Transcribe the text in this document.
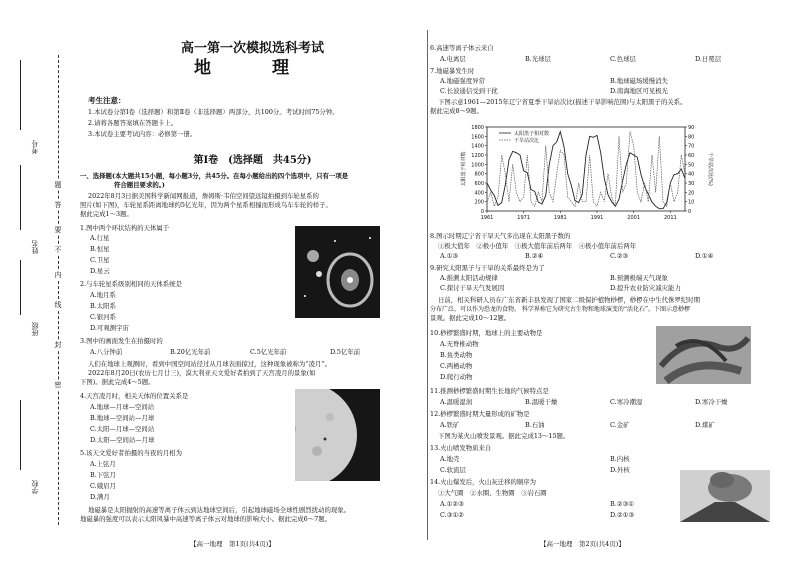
学校
班级
姓名
考号
密
封
线
内
不
要
答
题
高一第一次模拟选科考试
地　理
考生注意：
1.本试卷分第Ⅰ卷（选择题）和第Ⅱ卷（非选择题）两部分，共100分。考试时间75分钟。
2.请将各题答案填在答题卡上。
3.本试卷主要考试内容：必修第一册。
第Ⅰ卷　(选择题　共45分)
一、选择题(本大题共15小题，每小题3分，共45分。在每小题给出的四个选项中，只有一项是
符合题目要求的。)
2022年8月3日据美国科学新闻网报道，詹姆斯·韦伯空间望远镜拍摄到车轮星系的
照片(如下图)，车轮星系距离地球约5亿光年，因为两个星系相撞而形成乌车车轮的样子。
据此完成1～3题。
1.图中两个环状结构的天体属于
A.行星
B.恒星
C.卫星
D.星云
2.与车轮星系级别相同的天体系统是
A.地月系
B.太阳系
C.银河系
D.可观测宇宙
3.图中的画面发生在拍摄时的
A.八分钟前	B.20亿光年前	C.5亿光年前	D.5亿年前
人们在地球上观测时，看到中国空间站径过从月球表面掠过，这种现象被称为“凌月”。
2022年8月20日(农历七月廿三)，漠大利亚天文爱好者拍到了天宫凌月的景象(如
下图)。据此完成4～5题。
4.天宫凌月时，相关天体的位置关系是
A.地球—月球—空间站
B.地球—空间站—月球
C.太阳—月球—空间站
D.太阳—空间站—月球
5.该天文爱好者拍摄的当夜的月相为
A.上弦月
B.下弦月
C.娥眉月
D.满月
地磁暴是太阳抛射的高速等离子体云到达地球空间后，引起地球磁场全球性剧烈扰动的现象。
地磁暴的强度可以表示太阳风暴中高速等离子体云对地球的影响大小。据此完成6～7题。
【高一地理　第1页(共4页)】
6.高速等离子体云来自
A.电离层	B.光球层	C.色球层	D.日冕层
7.地磁暴发生时
A.地磁强度异常	B.地球磁场缓慢消失
C.长波通信受到干扰	D.南海地区可见极光
下图示意1961—2015年辽宁省夏季干旱站次比(描述干旱影响范围)与太阳黑子的关系。
据此完成8～9题。
0
200
400
600
800
1000
1200
1400
1600
1800
0
10
20
30
40
50
60
70
80
90
1961	1971	1981	1991	2001	2011
太阳黑子相对数	干旱站次比(%)
太阳黑子相对数
干旱站次比
8.图示时期辽宁省干旱天气多出现在太阳黑子数的
①极大值年　②极小值年　③极大值年前后两年　④极小值年前后两年
A.①③	B.②④	C.②③	D.①④
9.研究太阳黑子与干旱的关系最终是为了
A.推测太阳活动规律	B.预测极端天气现象
C.探讨干旱天气发展因	D.提升农业防灾减灾能力
日前，相关科研人员在广东省新丰县发现了国家二级保护植物桫椤，桫椤在中生代侏罗纪时期
分布广泛，可以作为恐龙的食物。 科学界称它为研究古生物和地球演变的“活化石”。下图示意桫椤
景观。据此完成10～12题。
10.桫椤繁盛时期，地球上的主要动物是
A.无脊椎动物
B.鱼类动物
C.两栖动物
D.爬行动物
11.推测桫椤繁盛时期生长地的气候特点是
A.温暖湿润	B.温暖干燥	C.寒冷潮湿	D.寒冷干燥
12.桫椤繁盛时期大量形成的矿物是
A.铁矿	B.石油	C.金矿	D.煤矿
下图为某火山喷发景观。据此完成13～15题。
13.火山喷发物质来自
A.地壳	B.内核
C.软流层	D.外核
14.火山爆发后，火山灰迁移的顺序为
①大气圈　②水圈、生物圈　③岩石圈
A.①②③	B.②③①
C.③①②	D.②①③
【高一地理　第2页(共4页)】
